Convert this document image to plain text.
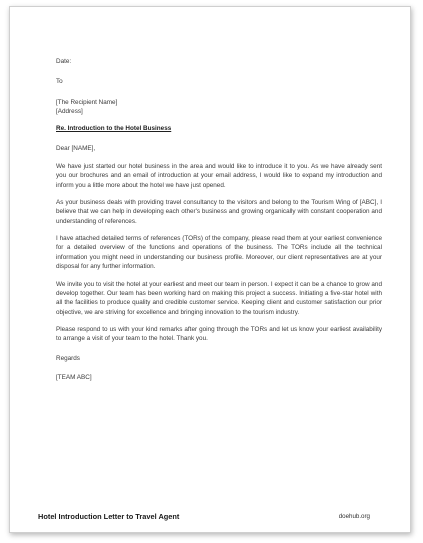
Date:

To

[The Recipient Name]
[Address]

Re. Introduction to the Hotel Business

Dear [NAME],

We have just started our hotel business in the area and would like to introduce it to you. As we have already sent you our brochures and an email of introduction at your email address, I would like to expand my introduction and inform you a little more about the hotel we have just opened.

As your business deals with providing travel consultancy to the visitors and belong to the Tourism Wing of [ABC], I believe that we can help in developing each other's business and growing organically with constant cooperation and understanding of references.

I have attached detailed terms of references (TORs) of the company, please read them at your earliest convenience for a detailed overview of the functions and operations of the business. The TORs include all the technical information you might need in understanding our business profile. Moreover, our client representatives are at your disposal for any further information.

We invite you to visit the hotel at your earliest and meet our team in person. I expect it can be a chance to grow and develop together. Our team has been working hard on making this project a success. Initiating a five-star hotel with all the facilities to produce quality and credible customer service. Keeping client and customer satisfaction our prior objective, we are striving for excellence and bringing innovation to the tourism industry.

Please respond to us with your kind remarks after going through the TORs and let us know your earliest availability to arrange a visit of your team to the hotel. Thank you.

Regards

[TEAM ABC]

Hotel Introduction Letter to Travel Agent	doehub.org
